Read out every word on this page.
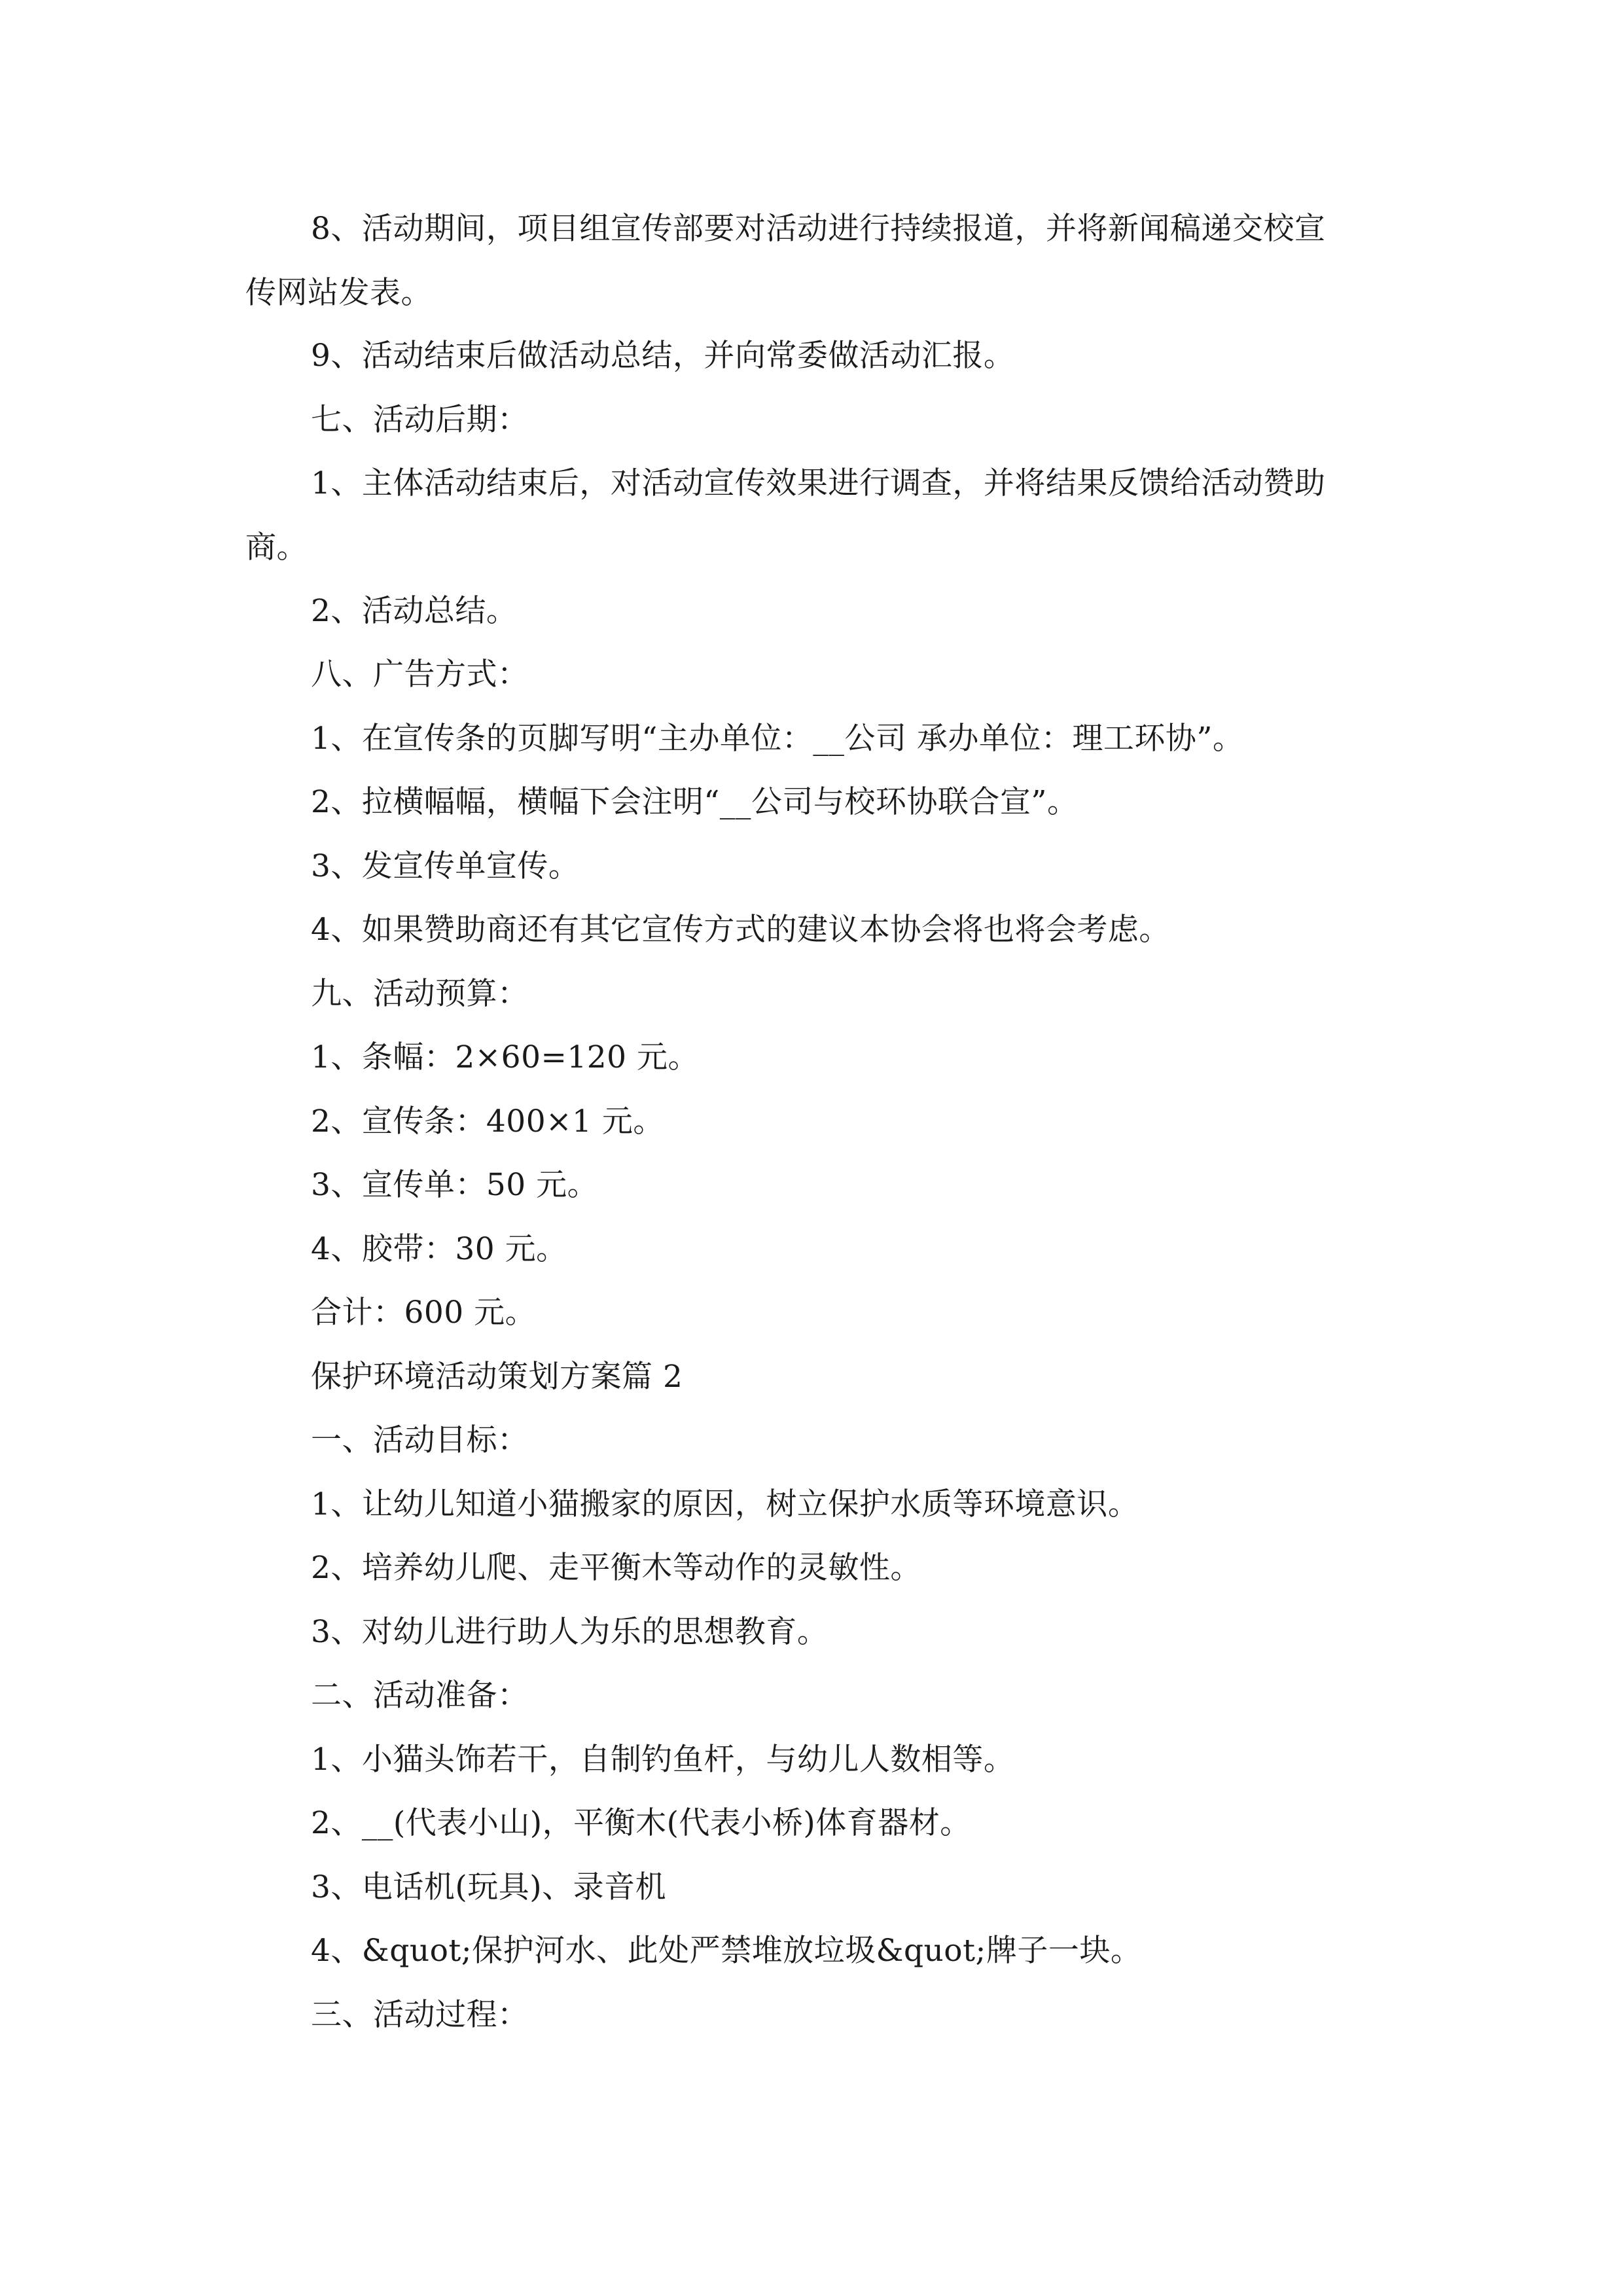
8、活动期间，项目组宣传部要对活动进行持续报道，并将新闻稿递交校宣
传网站发表。
9、活动结束后做活动总结，并向常委做活动汇报。
七、活动后期：
1、主体活动结束后，对活动宣传效果进行调查，并将结果反馈给活动赞助
商。
2、活动总结。
八、广告方式：
1、在宣传条的页脚写明“主办单位：__公司 承办单位：理工环协”。
2、拉横幅幅，横幅下会注明“__公司与校环协联合宣”。
3、发宣传单宣传。
4、如果赞助商还有其它宣传方式的建议本协会将也将会考虑。
九、活动预算：
1、条幅：2×60=120 元。
2、宣传条：400×1 元。
3、宣传单：50 元。
4、胶带：30 元。
合计：600 元。
保护环境活动策划方案篇 2
一、活动目标：
1、让幼儿知道小猫搬家的原因，树立保护水质等环境意识。
2、培养幼儿爬、走平衡木等动作的灵敏性。
3、对幼儿进行助人为乐的思想教育。
二、活动准备：
1、小猫头饰若干，自制钓鱼杆，与幼儿人数相等。
2、__(代表小山)，平衡木(代表小桥)体育器材。
3、电话机(玩具)、录音机
4、&quot;保护河水、此处严禁堆放垃圾&quot;牌子一块。
三、活动过程：
